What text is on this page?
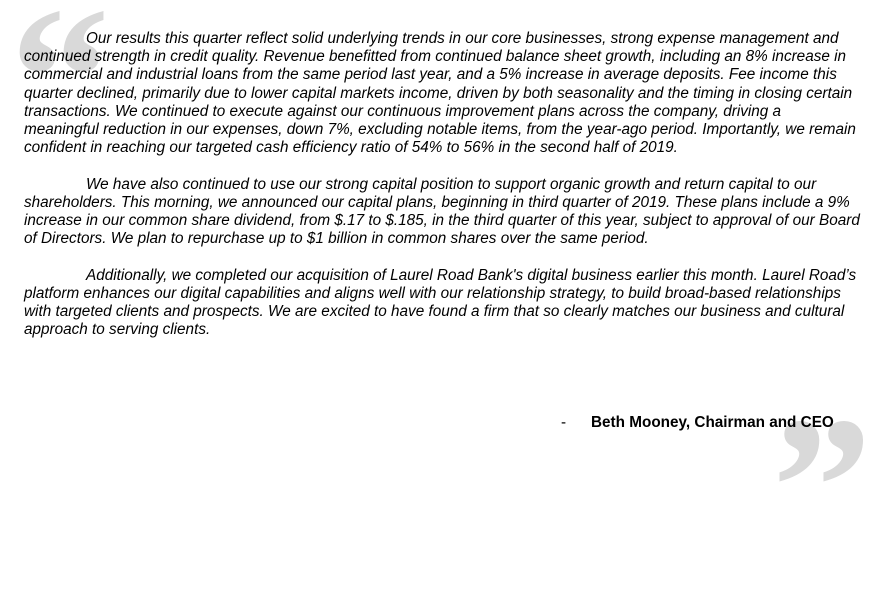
“
”

Our results this quarter reflect solid underlying trends in our core businesses, strong expense management and continued strength in credit quality. Revenue benefitted from continued balance sheet growth, including an 8% increase in commercial and industrial loans from the same period last year, and a 5% increase in average deposits. Fee income this quarter declined, primarily due to lower capital markets income, driven by both seasonality and the timing in closing certain transactions. We continued to execute against our continuous improvement plans across the company, driving a meaningful reduction in our expenses, down 7%, excluding notable items, from the year-ago period. Importantly, we remain confident in reaching our targeted cash efficiency ratio of 54% to 56% in the second half of 2019.

We have also continued to use our strong capital position to support organic growth and return capital to our shareholders. This morning, we announced our capital plans, beginning in third quarter of 2019. These plans include a 9% increase in our common share dividend, from $.17 to $.185, in the third quarter of this year, subject to approval of our Board of Directors. We plan to repurchase up to $1 billion in common shares over the same period.

Additionally, we completed our acquisition of Laurel Road Bank's digital business earlier this month. Laurel Road’s platform enhances our digital capabilities and aligns well with our relationship strategy, to build broad-based relationships with targeted clients and prospects. We are excited to have found a firm that so clearly matches our business and cultural approach to serving clients.

- Beth Mooney, Chairman and CEO
